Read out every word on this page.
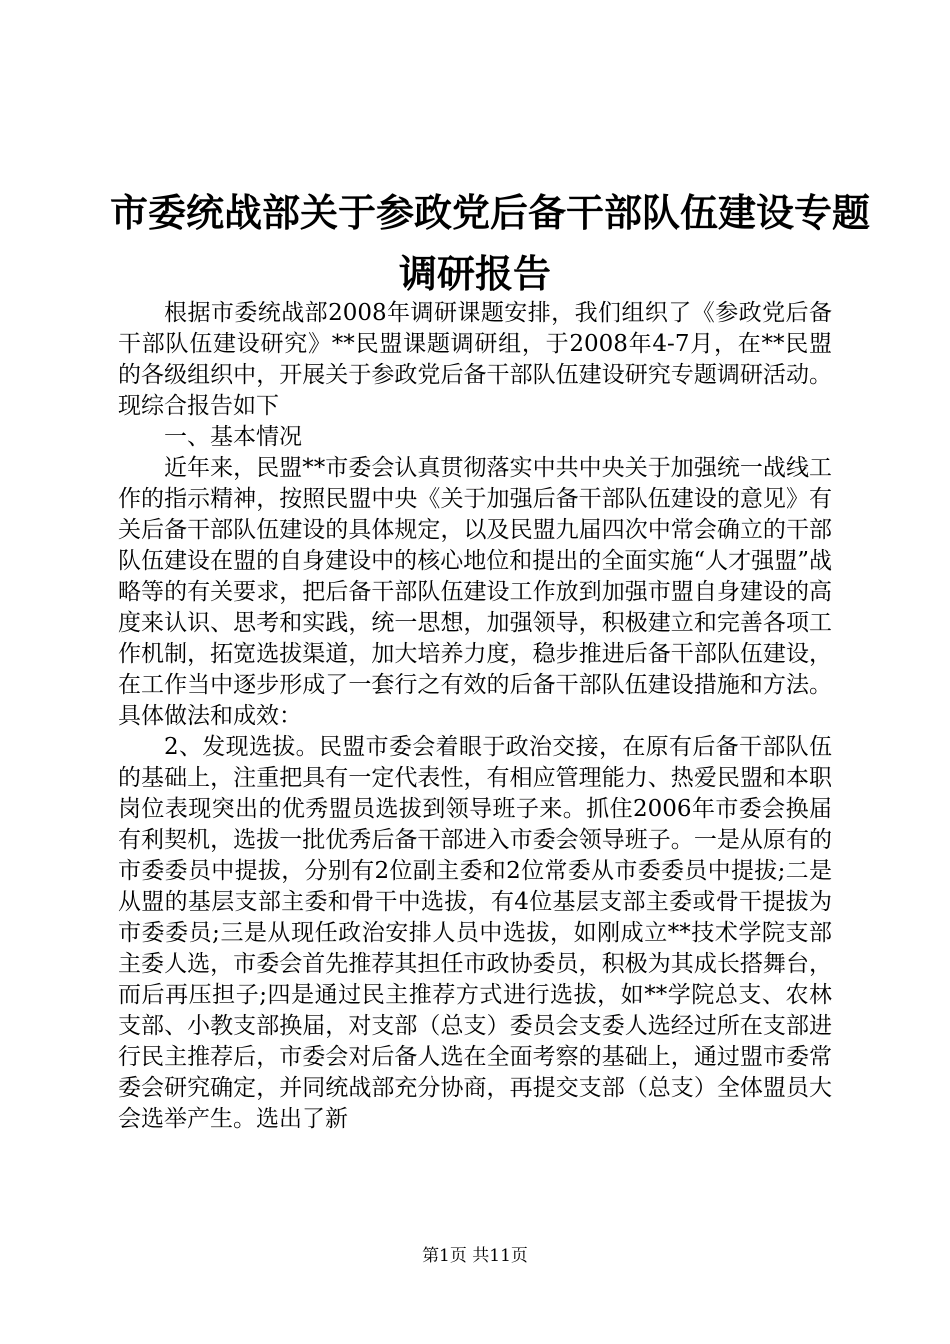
市委统战部关于参政党后备干部队伍建设专题
调研报告

根据市委统战部2008年调研课题安排，我们组织了《参政党后备干部队伍建设研究》**民盟课题调研组，于2008年4-7月，在**民盟的各级组织中，开展关于参政党后备干部队伍建设研究专题调研活动。现综合报告如下

一、基本情况

近年来，民盟**市委会认真贯彻落实中共中央关于加强统一战线工作的指示精神，按照民盟中央《关于加强后备干部队伍建设的意见》有关后备干部队伍建设的具体规定，以及民盟九届四次中常会确立的干部队伍建设在盟的自身建设中的核心地位和提出的全面实施“人才强盟”战略等的有关要求，把后备干部队伍建设工作放到加强市盟自身建设的高度来认识、思考和实践，统一思想，加强领导，积极建立和完善各项工作机制，拓宽选拔渠道，加大培养力度，稳步推进后备干部队伍建设，在工作当中逐步形成了一套行之有效的后备干部队伍建设措施和方法。具体做法和成效：

2、发现选拔。民盟市委会着眼于政治交接，在原有后备干部队伍的基础上，注重把具有一定代表性，有相应管理能力、热爱民盟和本职岗位表现突出的优秀盟员选拔到领导班子来。抓住2006年市委会换届有利契机，选拔一批优秀后备干部进入市委会领导班子。一是从原有的市委委员中提拔，分别有2位副主委和2位常委从市委委员中提拔;二是从盟的基层支部主委和骨干中选拔，有4位基层支部主委或骨干提拔为市委委员;三是从现任政治安排人员中选拔，如刚成立**技术学院支部主委人选，市委会首先推荐其担任市政协委员，积极为其成长搭舞台，而后再压担子;四是通过民主推荐方式进行选拔，如**学院总支、农林支部、小教支部换届，对支部（总支）委员会支委人选经过所在支部进行民主推荐后，市委会对后备人选在全面考察的基础上，通过盟市委常委会研究确定，并同统战部充分协商，再提交支部（总支）全体盟员大会选举产生。选出了新

第1页 共11页
